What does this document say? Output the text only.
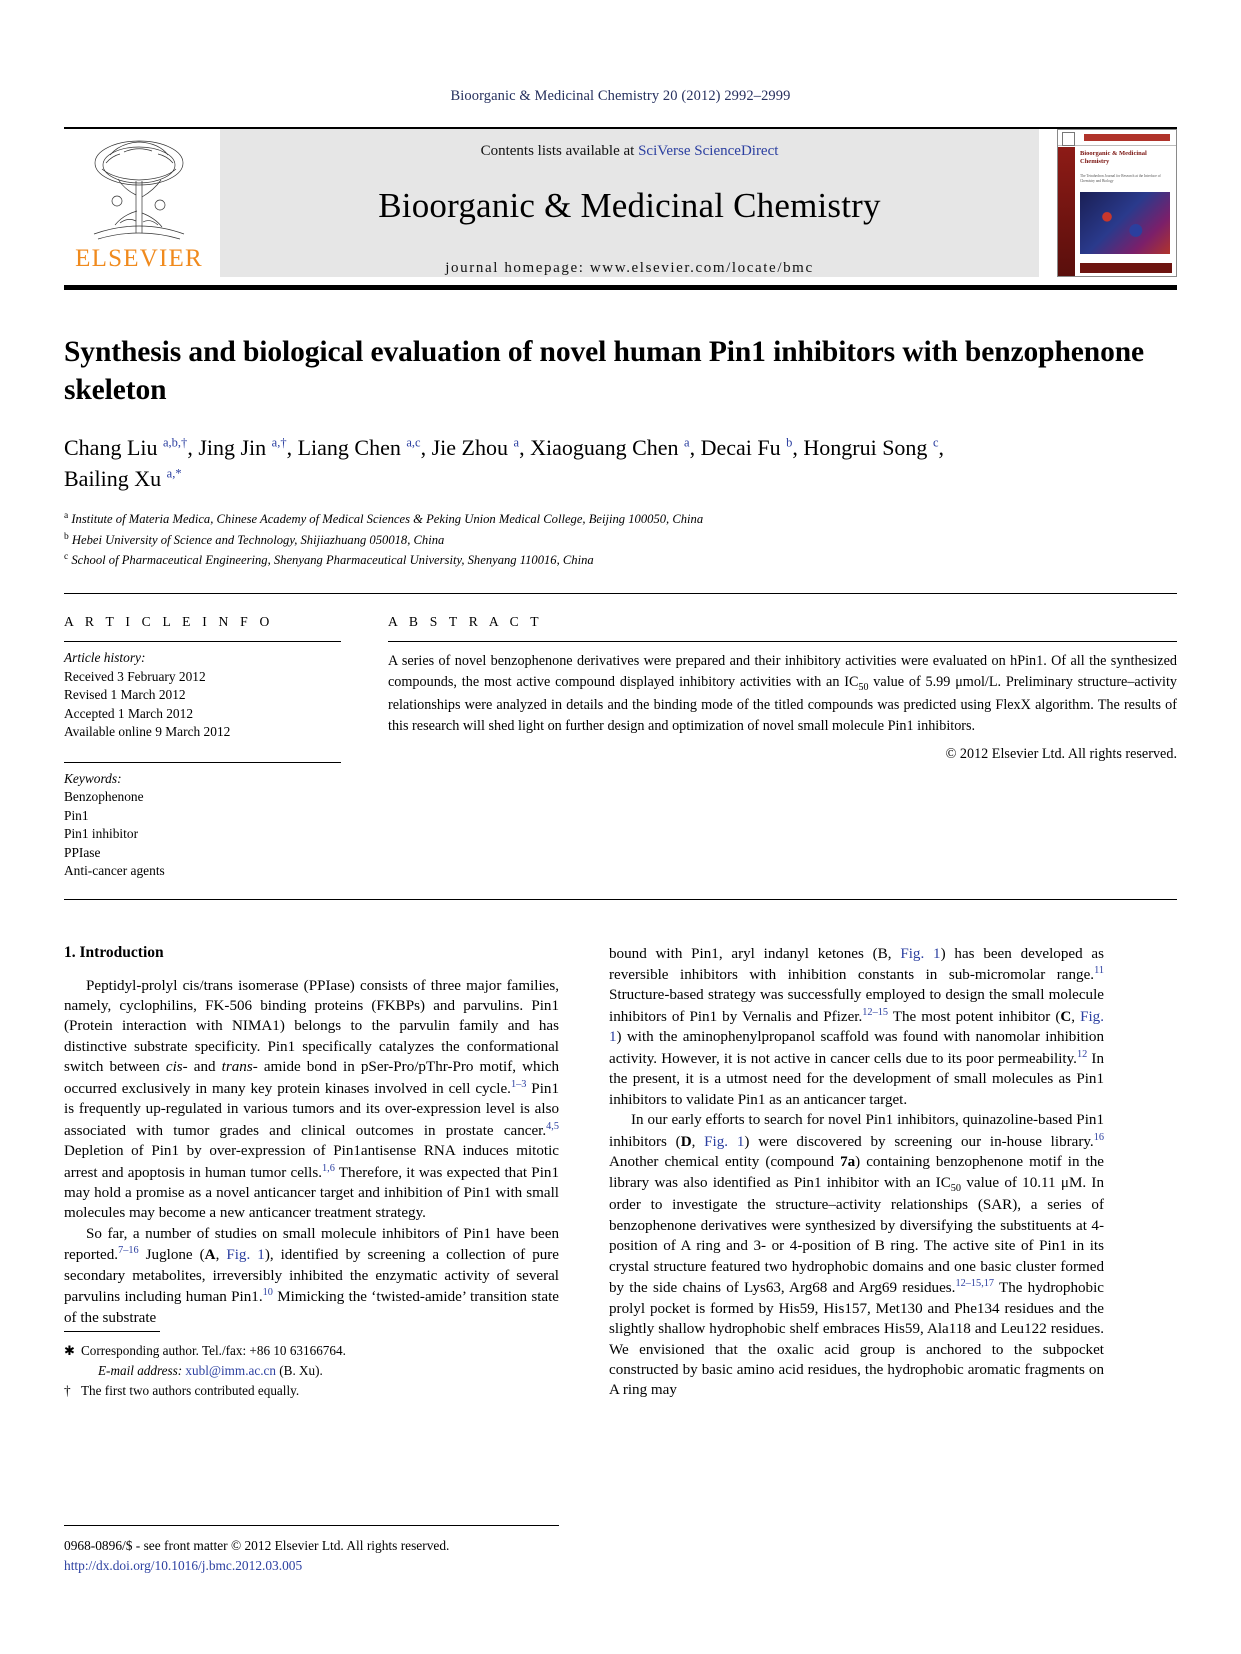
Bioorganic & Medicinal Chemistry 20 (2012) 2992–2999
ELSEVIER
Contents lists available at SciVerse ScienceDirect
Bioorganic & Medicinal Chemistry
journal homepage: www.elsevier.com/locate/bmc
Bioorganic & Medicinal Chemistry
The Tetrahedron Journal for Research at the Interface of Chemistry and Biology
Synthesis and biological evaluation of novel human Pin1 inhibitors with benzophenone skeleton
Chang Liu $^{a,b,\dagger}$, Jing Jin $^{a,\dagger}$, Liang Chen $^{a,c}$, Jie Zhou $^a$, Xiaoguang Chen $^a$, Decai Fu $^b$, Hongrui Song $^c$,
Bailing Xu $^{a,*}$
$^a$ Institute of Materia Medica, Chinese Academy of Medical Sciences & Peking Union Medical College, Beijing 100050, China
$^b$ Hebei University of Science and Technology, Shijiazhuang 050018, China
$^c$ School of Pharmaceutical Engineering, Shenyang Pharmaceutical University, Shenyang 110016, China
A R T I C L E I N F O
Article history:
Received 3 February 2012
Revised 1 March 2012
Accepted 1 March 2012
Available online 9 March 2012
Keywords:
Benzophenone
Pin1
Pin1 inhibitor
PPIase
Anti-cancer agents
A B S T R A C T
A series of novel benzophenone derivatives were prepared and their inhibitory activities were evaluated on hPin1. Of all the synthesized compounds, the most active compound displayed inhibitory activities with an $IC_{50}$ value of 5.99 μmol/L. Preliminary structure–activity relationships were analyzed in details and the binding mode of the titled compounds was predicted using FlexX algorithm. The results of this research will shed light on further design and optimization of novel small molecule Pin1 inhibitors.
© 2012 Elsevier Ltd. All rights reserved.
1. Introduction

Peptidyl-prolyl cis/trans isomerase (PPIase) consists of three major families, namely, cyclophilins, FK-506 binding proteins (FKBPs) and parvulins. Pin1 (Protein interaction with NIMA1) belongs to the parvulin family and has distinctive substrate specificity. Pin1 specifically catalyzes the conformational switch between cis- and trans- amide bond in pSer-Pro/pThr-Pro motif, which occurred exclusively in many key protein kinases involved in cell cycle.$^{1-3}$ Pin1 is frequently up-regulated in various tumors and its over-expression level is also associated with tumor grades and clinical outcomes in prostate cancer.$^{4,5}$ Depletion of Pin1 by over-expression of Pin1antisense RNA induces mitotic arrest and apoptosis in human tumor cells.$^{1,6}$ Therefore, it was expected that Pin1 may hold a promise as a novel anticancer target and inhibition of Pin1 with small molecules may become a new anticancer treatment strategy.

So far, a number of studies on small molecule inhibitors of Pin1 have been reported.$^{7-16}$ Juglone (A, Fig. 1), identified by screening a collection of pure secondary metabolites, irreversibly inhibited the enzymatic activity of several parvulins including human Pin1.10 Mimicking the ‘twisted-amide’ transition state of the substrate

✱ Corresponding author. Tel./fax: +86 10 63166764.
E-mail address: xubl@imm.ac.cn (B. Xu).
† The first two authors contributed equally.

bound with Pin1, aryl indanyl ketones (B, Fig. 1) has been developed as reversible inhibitors with inhibition constants in sub-micromolar range.$^{11}$ Structure-based strategy was successfully employed to design the small molecule inhibitors of Pin1 by Vernalis and Pfizer.$^{12-15}$ The most potent inhibitor (C, Fig. 1) with the aminophenylpropanol scaffold was found with nanomolar inhibition activity. However, it is not active in cancer cells due to its poor permeability.$^{12}$ In the present, it is a utmost need for the development of small molecules as Pin1 inhibitors to validate Pin1 as an anticancer target.

In our early efforts to search for novel Pin1 inhibitors, quinazoline-based Pin1 inhibitors (D, Fig. 1) were discovered by screening our in-house library.$^{16}$ Another chemical entity (compound 7a) containing benzophenone motif in the library was also identified as Pin1 inhibitor with an $IC_{50}$ value of 10.11 μM. In order to investigate the structure–activity relationships (SAR), a series of benzophenone derivatives were synthesized by diversifying the substituents at 4-position of A ring and 3- or 4-position of B ring. The active site of Pin1 in its crystal structure featured two hydrophobic domains and one basic cluster formed by the side chains of Lys63, Arg68 and Arg69 residues.$^{12-15,17}$ The hydrophobic prolyl pocket is formed by His59, His157, Met130 and Phe134 residues and the slightly shallow hydrophobic shelf embraces His59, Ala118 and Leu122 residues. We envisioned that the oxalic acid group is anchored to the subpocket constructed by basic amino acid residues, the hydrophobic aromatic fragments on A ring may

0968-0896/$ - see front matter © 2012 Elsevier Ltd. All rights reserved.
http://dx.doi.org/10.1016/j.bmc.2012.03.005
